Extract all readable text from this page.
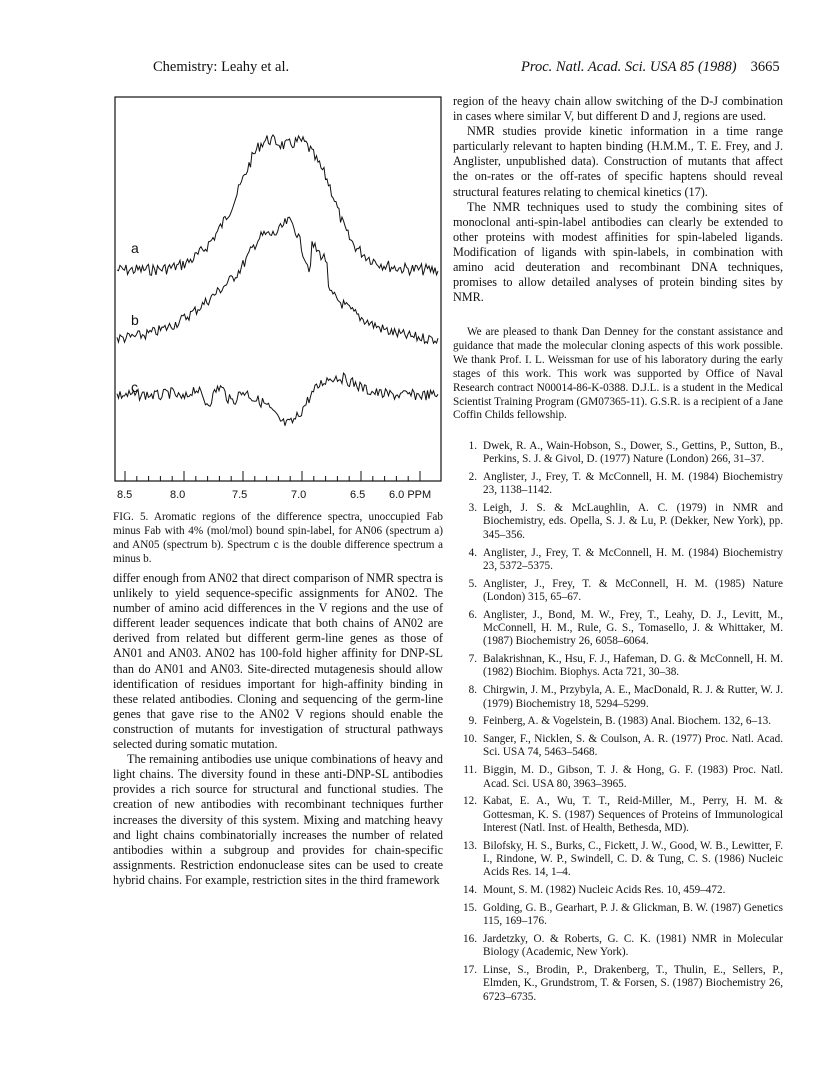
Chemistry: Leahy et al.	Proc. Natl. Acad. Sci. USA 85 (1988) 3665
a
b
c
8.5	8.0	7.5	7.0	6.5 6.0 PPM
FIG. 5. Aromatic regions of the difference spectra, unoccupied Fab minus Fab with 4% (mol/mol) bound spin-label, for AN06 (spectrum a) and AN05 (spectrum b). Spectrum c is the double difference spectrum a minus b.

differ enough from AN02 that direct comparison of NMR spectra is unlikely to yield sequence-specific assignments for AN02. The number of amino acid differences in the V regions and the use of different leader sequences indicate that both chains of AN02 are derived from related but different germ-line genes as those of AN01 and AN03. AN02 has 100-fold higher affinity for DNP-SL than do AN01 and AN03. Site-directed mutagenesis should allow identification of residues important for high-affinity binding in these related antibodies. Cloning and sequencing of the germ-line genes that gave rise to the AN02 V regions should enable the construction of mutants for investigation of structural pathways selected during somatic mutation.

The remaining antibodies use unique combinations of heavy and light chains. The diversity found in these anti-DNP-SL antibodies provides a rich source for structural and functional studies. The creation of new antibodies with recombinant techniques further increases the diversity of this system. Mixing and matching heavy and light chains combinatorially increases the number of related antibodies within a subgroup and provides for chain-specific assignments. Restriction endonuclease sites can be used to create hybrid chains. For example, restriction sites in the third framework

region of the heavy chain allow switching of the D-J combination in cases where similar V, but different D and J, regions are used.

NMR studies provide kinetic information in a time range particularly relevant to hapten binding (H.M.M., T. E. Frey, and J. Anglister, unpublished data). Construction of mutants that affect the on-rates or the off-rates of specific haptens should reveal structural features relating to chemical kinetics (17).

The NMR techniques used to study the combining sites of monoclonal anti-spin-label antibodies can clearly be extended to other proteins with modest affinities for spin-labeled ligands. Modification of ligands with spin-labels, in combination with amino acid deuteration and recombinant DNA techniques, promises to allow detailed analyses of protein binding sites by NMR.

We are pleased to thank Dan Denney for the constant assistance and guidance that made the molecular cloning aspects of this work possible. We thank Prof. I. L. Weissman for use of his laboratory during the early stages of this work. This work was supported by Office of Naval Research contract N00014-86-K-0388. D.J.L. is a student in the Medical Scientist Training Program (GM07365-11). G.S.R. is a recipient of a Jane Coffin Childs fellowship.
1. Dwek, R. A., Wain-Hobson, S., Dower, S., Gettins, P., Sutton, B., Perkins, S. J. & Givol, D. (1977) Nature (London) 266, 31–37.
2. Anglister, J., Frey, T. & McConnell, H. M. (1984) Biochemistry 23, 1138–1142.
3. Leigh, J. S. & McLaughlin, A. C. (1979) in NMR and Biochemistry, eds. Opella, S. J. & Lu, P. (Dekker, New York), pp. 345–356.
4. Anglister, J., Frey, T. & McConnell, H. M. (1984) Biochemistry 23, 5372–5375.
5. Anglister, J., Frey, T. & McConnell, H. M. (1985) Nature (London) 315, 65–67.
6. Anglister, J., Bond, M. W., Frey, T., Leahy, D. J., Levitt, M., McConnell, H. M., Rule, G. S., Tomasello, J. & Whittaker, M. (1987) Biochemistry 26, 6058–6064.
7. Balakrishnan, K., Hsu, F. J., Hafeman, D. G. & McConnell, H. M. (1982) Biochim. Biophys. Acta 721, 30–38.
8. Chirgwin, J. M., Przybyla, A. E., MacDonald, R. J. & Rutter, W. J. (1979) Biochemistry 18, 5294–5299.
9. Feinberg, A. & Vogelstein, B. (1983) Anal. Biochem. 132, 6–13.
10. Sanger, F., Nicklen, S. & Coulson, A. R. (1977) Proc. Natl. Acad. Sci. USA 74, 5463–5468.
11. Biggin, M. D., Gibson, T. J. & Hong, G. F. (1983) Proc. Natl. Acad. Sci. USA 80, 3963–3965.
12. Kabat, E. A., Wu, T. T., Reid-Miller, M., Perry, H. M. & Gottesman, K. S. (1987) Sequences of Proteins of Immunological Interest (Natl. Inst. of Health, Bethesda, MD).
13. Bilofsky, H. S., Burks, C., Fickett, J. W., Good, W. B., Lewitter, F. I., Rindone, W. P., Swindell, C. D. & Tung, C. S. (1986) Nucleic Acids Res. 14, 1–4.
14. Mount, S. M. (1982) Nucleic Acids Res. 10, 459–472.
15. Golding, G. B., Gearhart, P. J. & Glickman, B. W. (1987) Genetics 115, 169–176.
16. Jardetzky, O. & Roberts, G. C. K. (1981) NMR in Molecular Biology (Academic, New York).
17. Linse, S., Brodin, P., Drakenberg, T., Thulin, E., Sellers, P., Elmden, K., Grundstrom, T. & Forsen, S. (1987) Biochemistry 26, 6723–6735.
